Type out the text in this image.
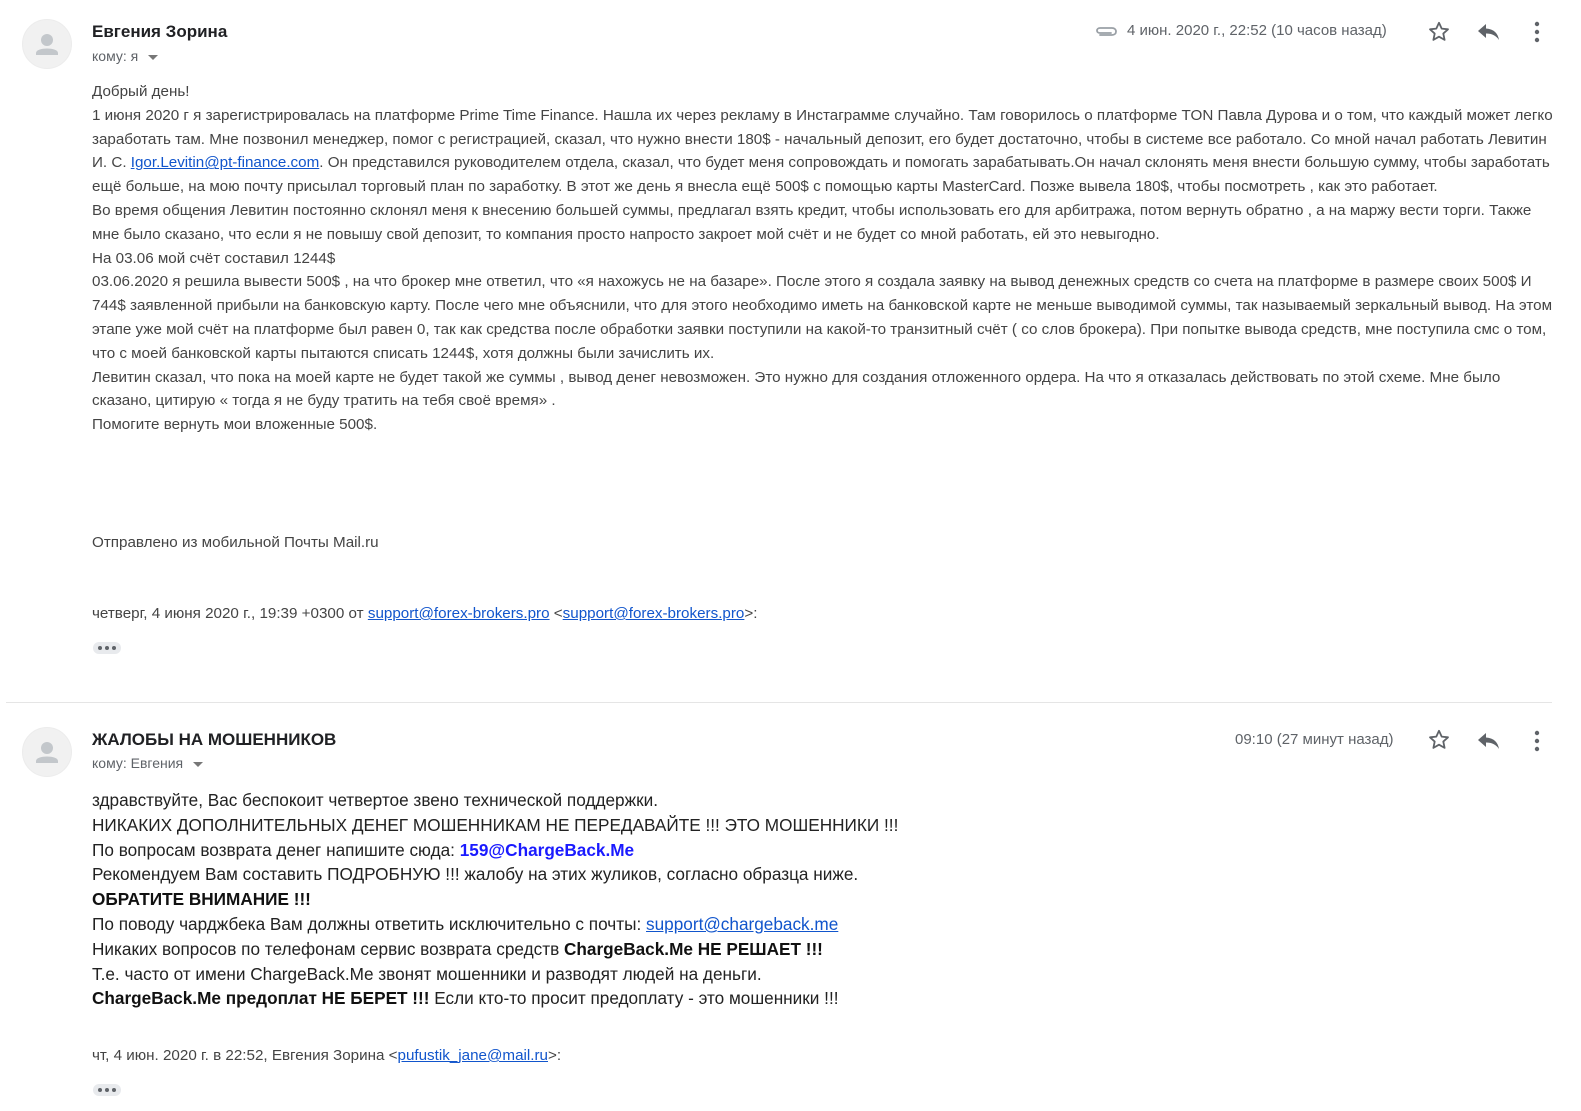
Евгения Зорина
кому: я
4 июн. 2020 г., 22:52 (10 часов назад)

Добрый день!

1 июня 2020 г я зарегистрировалась на платформе Prime Time Finance. Нашла их через рекламу в Инстаграмме случайно. Там говорилось о платформе TON Павла Дурова и о том, что каждый может легко заработать там. Мне позвонил менеджер, помог с регистрацией, сказал, что нужно внести 180$ - начальный депозит, его будет достаточно, чтобы в системе все работало. Со мной начал работать Левитин И. С. Igor.Levitin@pt-finance.com. Он представился руководителем отдела, сказал, что будет меня сопровождать и помогать зарабатывать.Он начал склонять меня внести большую сумму, чтобы заработать ещё больше, на мою почту присылал торговый план по заработку. В этот же день я внесла ещё 500$ с помощью карты MasterCard. Позже вывела 180$, чтобы посмотреть , как это работает.

Во время общения Левитин постоянно склонял меня к внесению большей суммы, предлагал взять кредит, чтобы использовать его для арбитража, потом вернуть обратно , а на маржу вести торги. Также мне было сказано, что если я не повышу свой депозит, то компания просто напросто закроет мой счёт и не будет со мной работать, ей это невыгодно.

На 03.06 мой счёт составил 1244$

03.06.2020 я решила вывести 500$ , на что брокер мне ответил, что «я нахожусь не на базаре». После этого я создала заявку на вывод денежных средств со счета на платформе в размере своих 500$ И 744$ заявленной прибыли на банковскую карту. После чего мне объяснили, что для этого необходимо иметь на банковской карте не меньше выводимой суммы, так называемый зеркальный вывод. На этом этапе уже мой счёт на платформе был равен 0, так как средства после обработки заявки поступили на какой-то транзитный счёт ( со слов брокера). При попытке вывода средств, мне поступила смс о том, что с моей банковской карты пытаются списать 1244$, хотя должны были зачислить их.

Левитин сказал, что пока на моей карте не будет такой же суммы , вывод денег невозможен. Это нужно для создания отложенного ордера. На что я отказалась действовать по этой схеме. Мне было сказано, цитирую « тогда я не буду тратить на тебя своё время» .

Помогите вернуть мои вложенные 500$.

Отправлено из мобильной Почты Mail.ru
четверг, 4 июня 2020 г., 19:39 +0300 от support@forex-brokers.pro <support@forex-brokers.pro>:
ЖАЛОБЫ НА МОШЕННИКОВ
кому: Евгения
09:10 (27 минут назад)

здравствуйте, Вас беспокоит четвертое звено технической поддержки.

НИКАКИХ ДОПОЛНИТЕЛЬНЫХ ДЕНЕГ МОШЕННИКАМ НЕ ПЕРЕДАВАЙТЕ !!! ЭТО МОШЕННИКИ !!!

По вопросам возврата денег напишите сюда: 159@ChargeBack.Me

Рекомендуем Вам составить ПОДРОБНУЮ !!! жалобу на этих жуликов, согласно образца ниже.

ОБРАТИТЕ ВНИМАНИЕ !!!

По поводу чарджбека Вам должны ответить исключительно с почты: support@chargeback.me

Никаких вопросов по телефонам сервис возврата средств ChargeBack.Me НЕ РЕШАЕТ !!!

Т.е. часто от имени ChargeBack.Me звонят мошенники и разводят людей на деньги.

ChargeBack.Me предоплат НЕ БЕРЕТ !!! Если кто-то просит предоплату - это мошенники !!!

чт, 4 июн. 2020 г. в 22:52, Евгения Зорина <pufustik_jane@mail.ru>:
